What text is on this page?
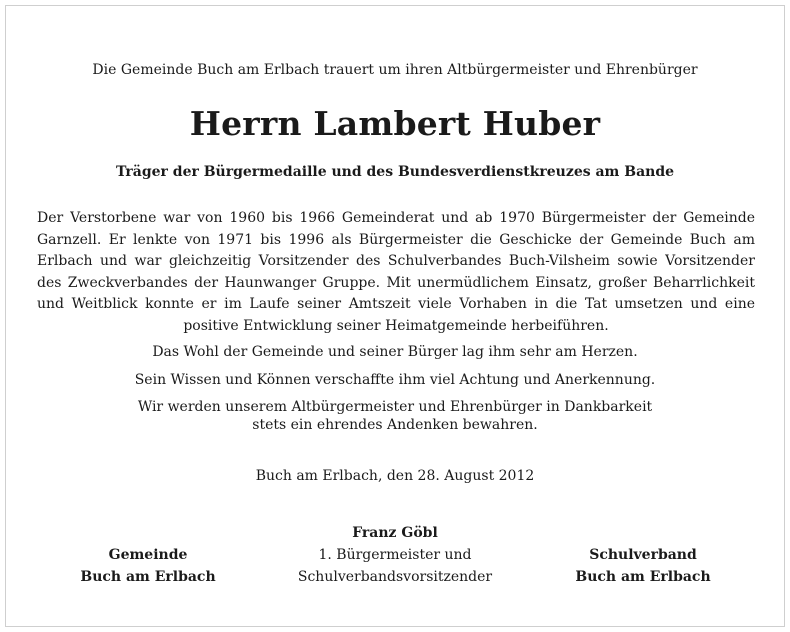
Die Gemeinde Buch am Erlbach trauert um ihren Altbürgermeister und Ehrenbürger
Herrn Lambert Huber
Träger der Bürgermedaille und des Bundesverdienstkreuzes am Bande
Der Verstorbene war von 1960 bis 1966 Gemeinderat und ab 1970 Bürgermeister der Gemeinde Garnzell. Er lenkte von 1971 bis 1996 als Bürgermeister die Geschicke der Gemeinde Buch am Erlbach und war gleichzeitig Vorsitzender des Schulverbandes Buch-Vilsheim sowie Vorsitzender des Zweckverbandes der Haunwanger Gruppe. Mit unermüdlichem Einsatz, großer Beharrlichkeit und Weitblick konnte er im Laufe seiner Amtszeit viele Vorhaben in die Tat umsetzen und eine positive Entwicklung seiner Heimatgemeinde herbeiführen.
Das Wohl der Gemeinde und seiner Bürger lag ihm sehr am Herzen.
Sein Wissen und Können verschaffte ihm viel Achtung und Anerkennung.
Wir werden unserem Altbürgermeister und Ehrenbürger in Dankbarkeit
stets ein ehrendes Andenken bewahren.
Buch am Erlbach, den 28. August 2012
Gemeinde
Buch am Erlbach
Franz Göbl
1. Bürgermeister und
Schulverbandsvorsitzender
Schulverband
Buch am Erlbach
